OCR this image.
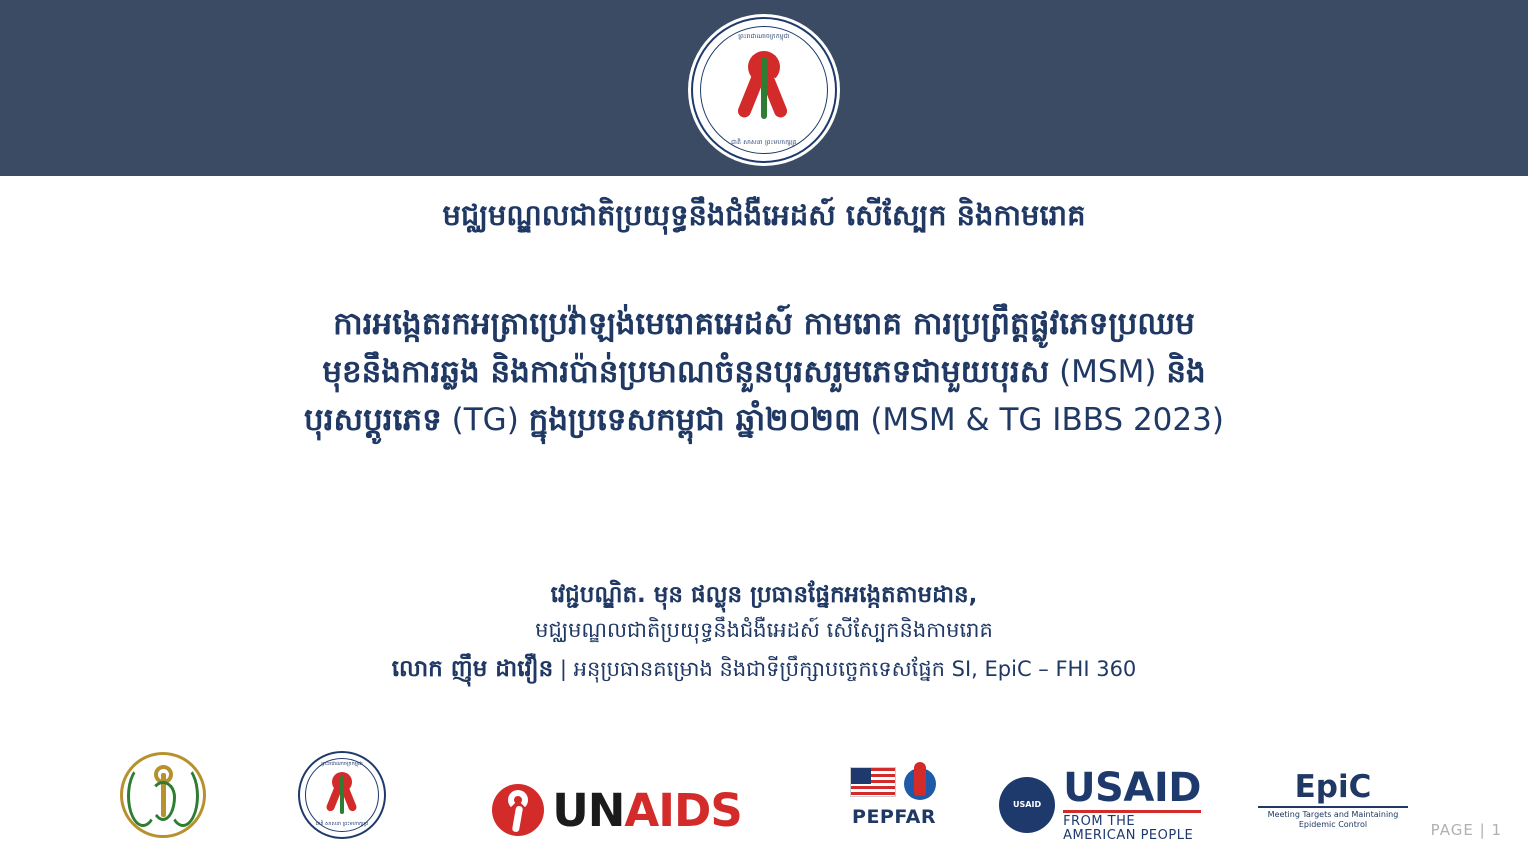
ព្រះរាជាណាចក្រកម្ពុជា
ជាតិ សាសនា ព្រះមហាក្សត្រ
មជ្ឈមណ្ឌលជាតិប្រយុទ្ធនឹងជំងឺអេដស៍ សើស្បែក និងកាមរោគ
ការអង្កេតរកអត្រាប្រេវ៉ាឡង់មេរោគអេដស៍ កាមរោគ ការប្រព្រឹត្តផ្លូវភេទប្រឈម
មុខនឹងការឆ្លង និងការប៉ាន់ប្រមាណចំនួនបុរសរួមភេទជាមួយបុរស (MSM) និង
បុរសប្ដូរភេទ (TG) ក្នុងប្រទេសកម្ពុជា ឆ្នាំ២០២៣ (MSM & TG IBBS 2023)
វេជ្ជបណ្ឌិត. មុន ផល្លុន ប្រធានផ្នែកអង្កេតតាមដាន,
មជ្ឈមណ្ឌលជាតិប្រយុទ្ធនឹងជំងឺអេដស៍ សើស្បែកនិងកាមរោគ
លោក ញ៉ឹម ដាវឿន | អនុប្រធានគម្រោង និងជាទីប្រឹក្សាបច្ចេកទេសផ្នែក SI, EpiC – FHI 360
ព្រះរាជាណាចក្រកម្ពុជា
ជាតិ សាសនា ព្រះមហាក្សត្រ	UNAIDS	PEPFAR
USAID USAID
FROM THE AMERICAN PEOPLE
EpiC
Meeting Targets and Maintaining Epidemic Control	PAGE | 1
